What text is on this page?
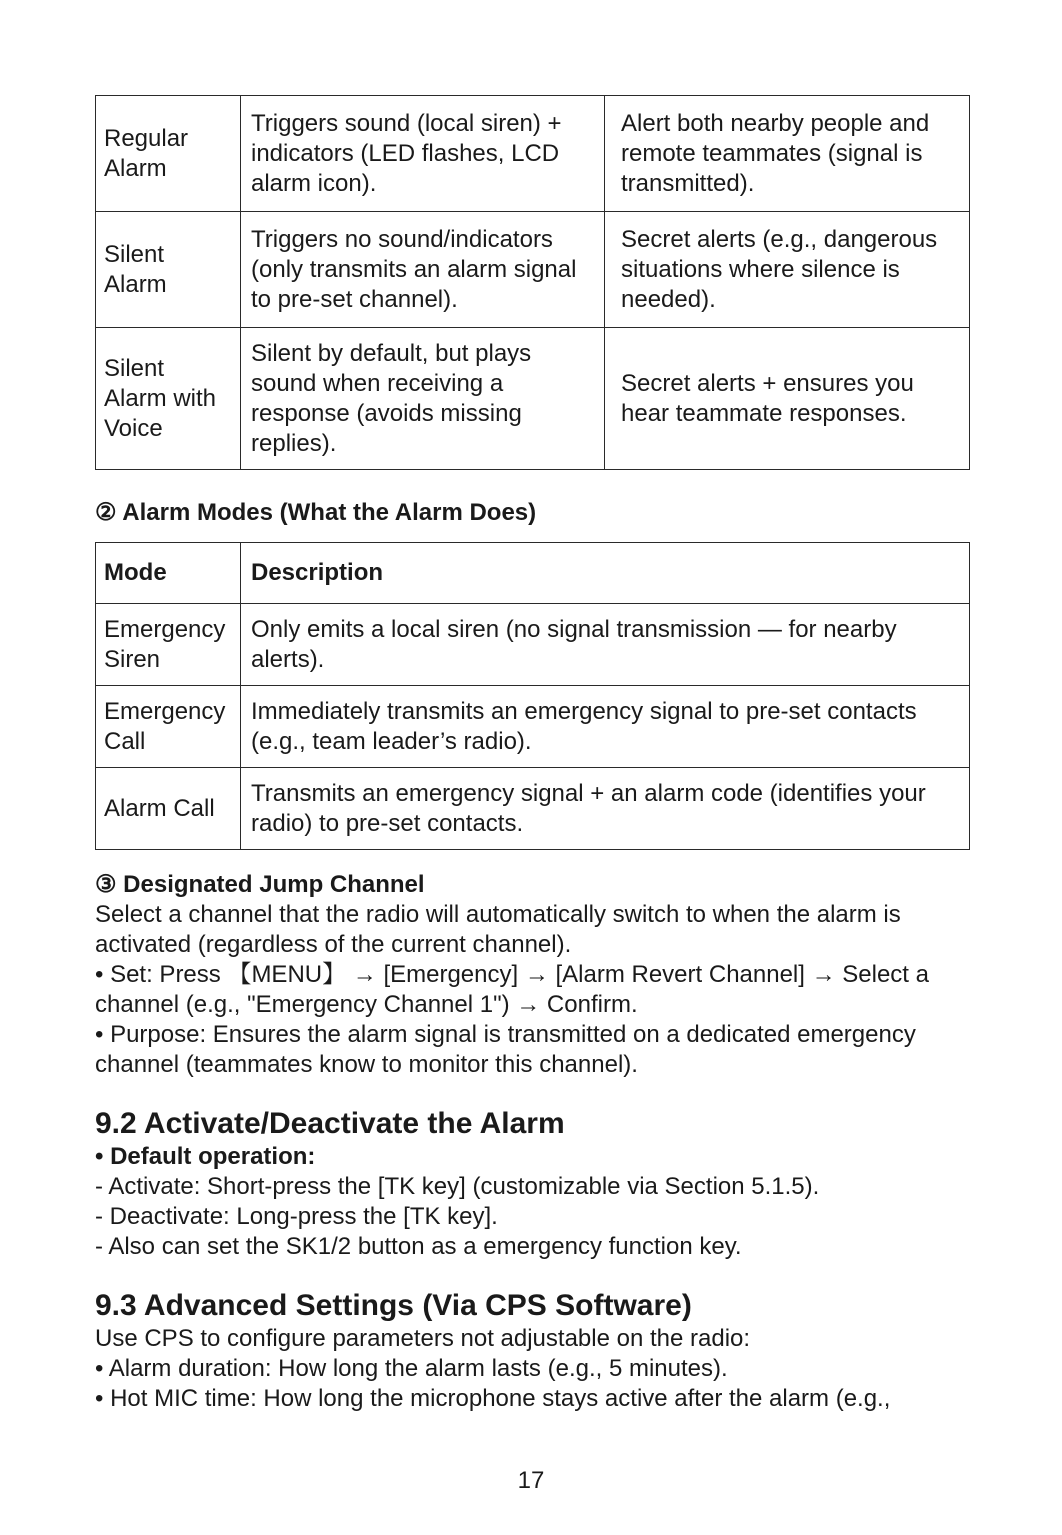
Regular Alarm	Triggers sound (local siren) + indicators (LED flashes, LCD alarm icon).	Alert both nearby people and remote teammates (signal is transmitted).
Silent Alarm	Triggers no sound/indicators (only transmits an alarm signal to pre-set channel).	Secret alerts (e.g., dangerous situations where silence is needed).
Silent Alarm with Voice	Silent by default, but plays sound when receiving a response (avoids missing replies).	Secret alerts + ensures you hear teammate responses.
② Alarm Modes (What the Alarm Does)
Mode	Description
Emergency Siren	Only emits a local siren (no signal transmission — for nearby alerts).
Emergency Call	Immediately transmits an emergency signal to pre-set contacts (e.g., team leader’s radio).
Alarm Call	Transmits an emergency signal + an alarm code (identifies your radio) to pre-set contacts.
③ Designated Jump Channel
Select a channel that the radio will automatically switch to when the alarm is activated (regardless of the current channel).
• Set: Press 【MENU】 → [Emergency] → [Alarm Revert Channel] → Select a channel (e.g., "Emergency Channel 1") → Confirm.
• Purpose: Ensures the alarm signal is transmitted on a dedicated emergency channel (teammates know to monitor this channel).
9.2 Activate/Deactivate the Alarm
• Default operation:
- Activate: Short-press the [TK key] (customizable via Section 5.1.5).
- Deactivate: Long-press the [TK key].
- Also can set the SK1/2 button as a emergency function key.
9.3 Advanced Settings (Via CPS Software)
Use CPS to configure parameters not adjustable on the radio:
• Alarm duration: How long the alarm lasts (e.g., 5 minutes).
• Hot MIC time: How long the microphone stays active after the alarm (e.g.,
17
